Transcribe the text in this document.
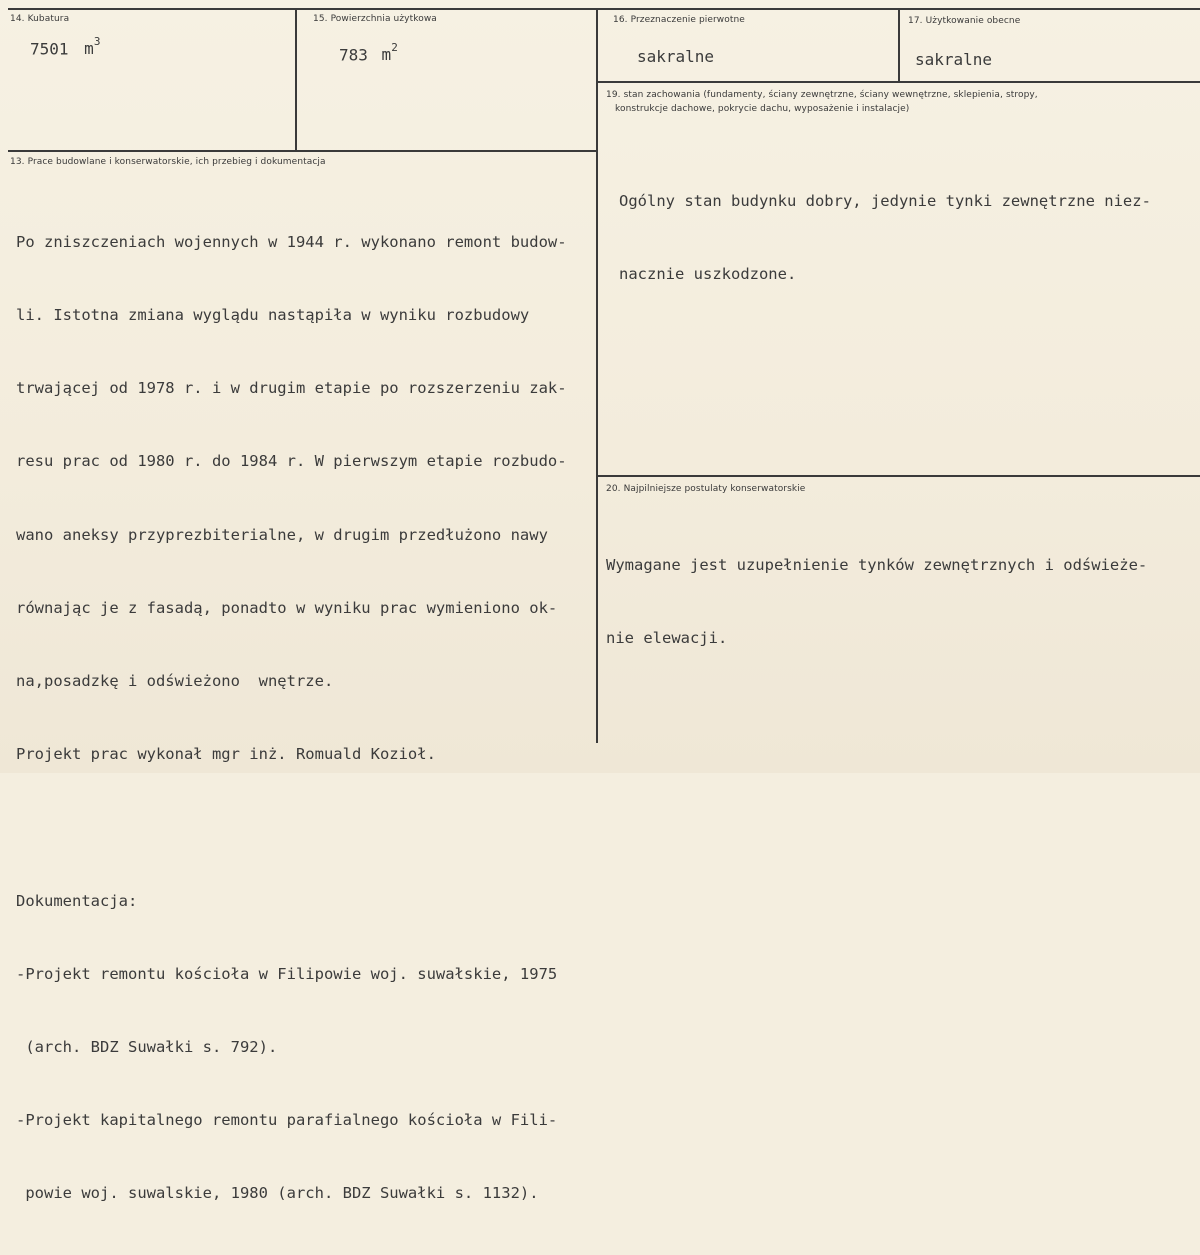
14. Kubatura
7501 $m^3$
15. Powierzchnia użytkowa
783 $m^2$
16. Przeznaczenie pierwotne
sakralne
17. Użytkowanie obecne
sakralne
19. stan zachowania (fundamenty, ściany zewnętrzne, ściany wewnętrzne, sklepienia, stropy,
konstrukcje dachowe, pokrycie dachu, wyposażenie i instalacje)

Ogólny stan budynku dobry, jedynie tynki zewnętrzne niez-

nacznie uszkodzone.

13. Prace budowlane i konserwatorskie, ich przebieg i dokumentacja

Po zniszczeniach wojennych w 1944 r. wykonano remont budow-

li. Istotna zmiana wyglądu nastąpiła w wyniku rozbudowy

trwającej od 1978 r. i w drugim etapie po rozszerzeniu zak-

resu prac od 1980 r. do 1984 r. W pierwszym etapie rozbudo-

wano aneksy przyprezbiterialne, w drugim przedłużono nawy

równając je z fasadą, ponadto w wyniku prac wymieniono ok-

na,posadzkę i odświeżono  wnętrze.

Projekt prac wykonał mgr inż. Romuald Kozioł.

Dokumentacja:

-Projekt remontu kościoła w Filipowie woj. suwałskie, 1975

(arch. BDZ Suwałki s. 792).

-Projekt kapitalnego remontu parafialnego kościoła w Fili-

powie woj. suwalskie, 1980 (arch. BDZ Suwałki s. 1132).

20. Najpilniejsze postulaty konserwatorskie

Wymagane jest uzupełnienie tynków zewnętrznych i odświeże-

nie elewacji.
